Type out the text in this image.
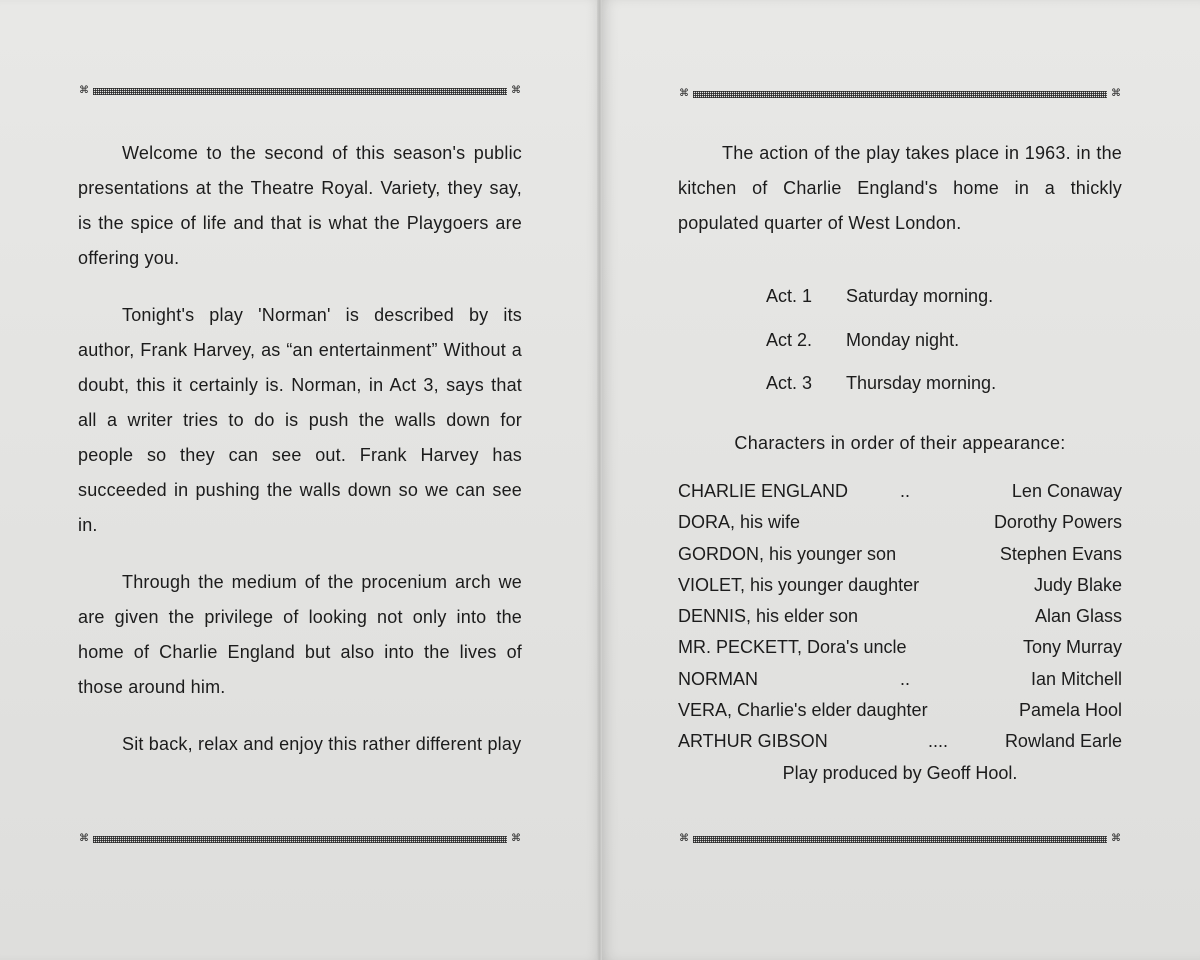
⌘	⌘
⌘	⌘
⌘	⌘
⌘	⌘

Welcome to the second of this season's public presentations at the Theatre Royal. Variety, they say, is the spice of life and that is what the Playgoers are offering you.

Tonight's play 'Norman' is described by its author, Frank Harvey, as “an entertainment” Without a doubt, this it certainly is. Norman, in Act 3, says that all a writer tries to do is push the walls down for people so they can see out. Frank Harvey has succeeded in pushing the walls down so we can see in.

Through the medium of the procenium arch we are given the privilege of looking not only into the home of Charlie England but also into the lives of those around him.

Sit back, relax and enjoy this rather different play

The action of the play takes place in 1963. in the kitchen of Charlie England's home in a thickly populated quarter of West London.

Act. 1	Saturday morning.
Act 2.	Monday night.
Act. 3	Thursday morning.
Characters in order of their appearance:
CHARLIE ENGLAND	..	Len Conaway
DORA, his wife	Dorothy Powers
GORDON, his younger son	Stephen Evans
VIOLET, his younger daughter	Judy Blake
DENNIS, his elder son	Alan Glass
MR. PECKETT, Dora's uncle	Tony Murray
NORMAN	..	Ian Mitchell
VERA, Charlie's elder daughter	Pamela Hool
ARTHUR GIBSON	....	Rowland Earle
Play produced by Geoff Hool.
